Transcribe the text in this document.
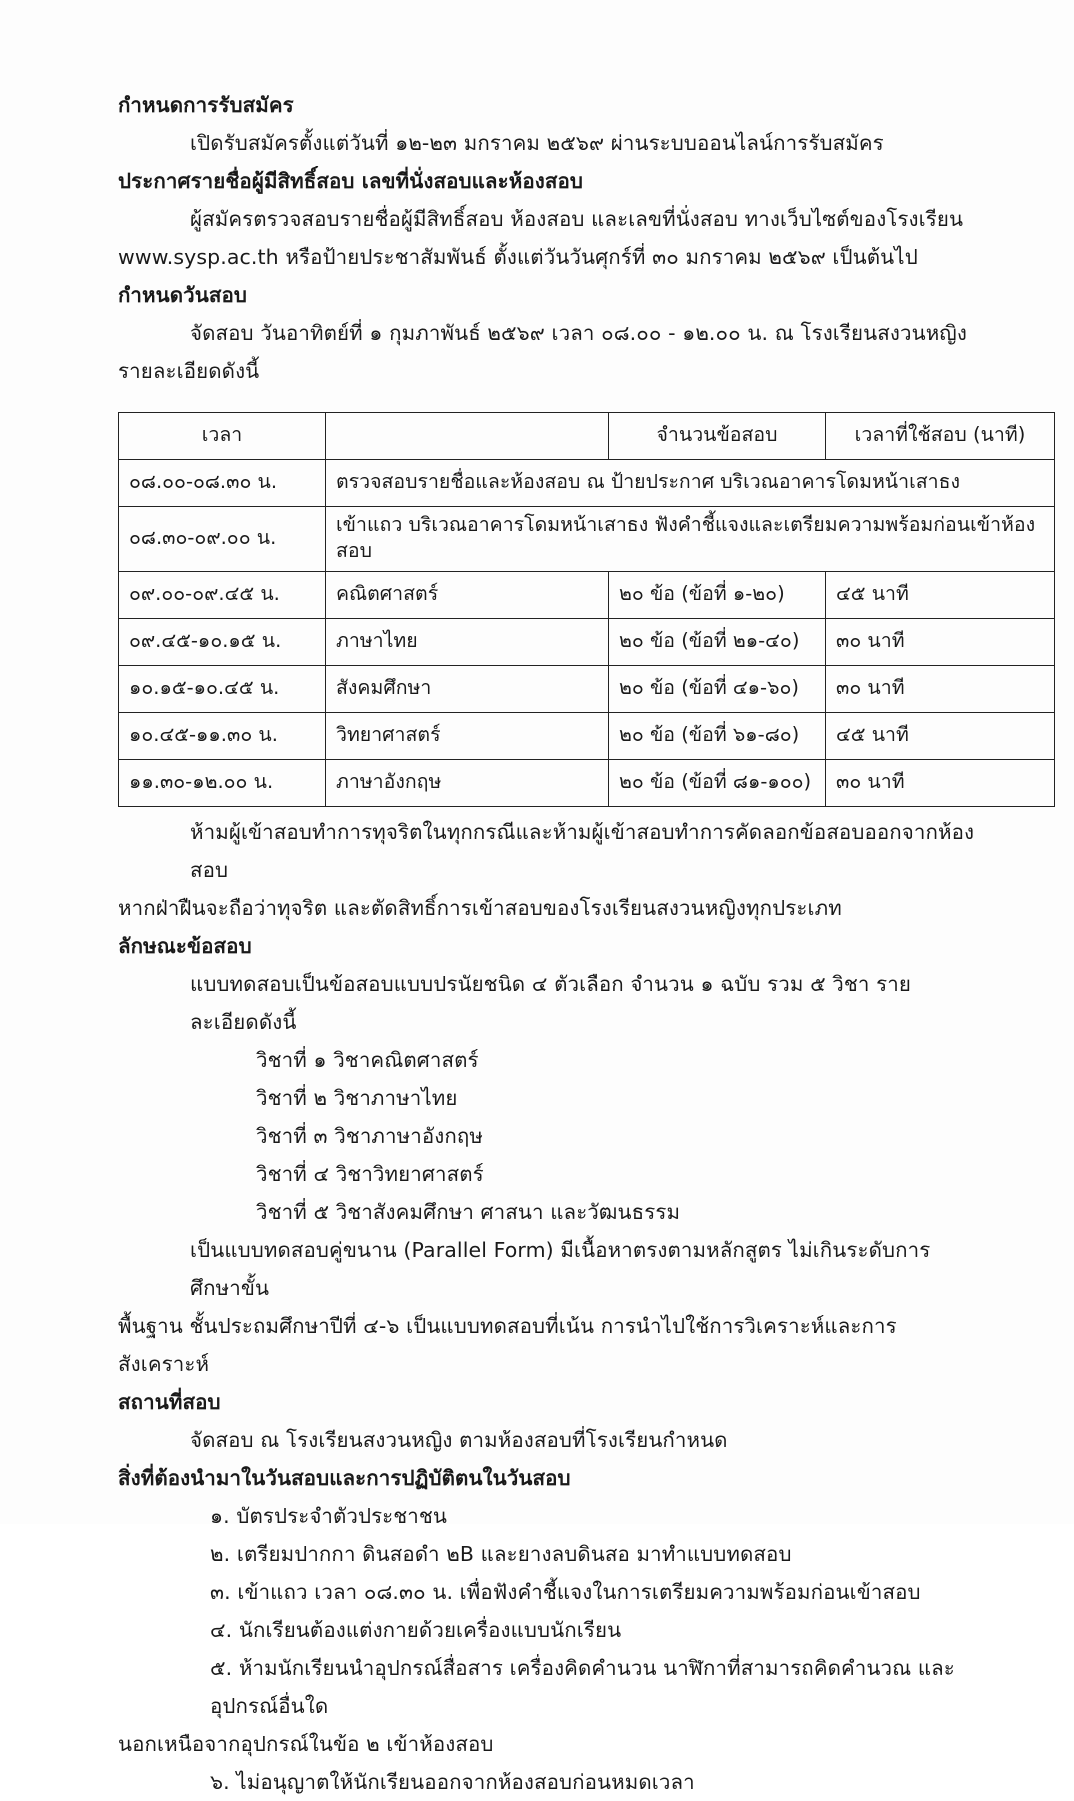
กำหนดการรับสมัคร
เปิดรับสมัครตั้งแต่วันที่ ๑๒-๒๓ มกราคม ๒๕๖๙ ผ่านระบบออนไลน์การรับสมัคร
ประกาศรายชื่อผู้มีสิทธิ์สอบ เลขที่นั่งสอบและห้องสอบ
ผู้สมัครตรวจสอบรายชื่อผู้มีสิทธิ์สอบ ห้องสอบ และเลขที่นั่งสอบ ทางเว็บไซต์ของโรงเรียน
www.sysp.ac.th หรือป้ายประชาสัมพันธ์ ตั้งแต่วันวันศุกร์ที่ ๓๐ มกราคม ๒๕๖๙ เป็นต้นไป
กำหนดวันสอบ
จัดสอบ วันอาทิตย์ที่ ๑ กุมภาพันธ์ ๒๕๖๙ เวลา ๐๘.๐๐ - ๑๒.๐๐ น. ณ โรงเรียนสงวนหญิง
รายละเอียดดังนี้
เวลา		จำนวนข้อสอบ	เวลาที่ใช้สอบ (นาที)
๐๘.๐๐-๐๘.๓๐ น.	ตรวจสอบรายชื่อและห้องสอบ ณ ป้ายประกาศ บริเวณอาคารโดมหน้าเสาธง		
๐๘.๓๐-๐๙.๐๐ น.	เข้าแถว บริเวณอาคารโดมหน้าเสาธง ฟังคำชี้แจงและเตรียมความพร้อมก่อนเข้าห้องสอบ		
๐๙.๐๐-๐๙.๔๕ น.	คณิตศาสตร์	๒๐ ข้อ (ข้อที่ ๑-๒๐)	๔๕ นาที
๐๙.๔๕-๑๐.๑๕ น.	ภาษาไทย	๒๐ ข้อ (ข้อที่ ๒๑-๔๐)	๓๐ นาที
๑๐.๑๕-๑๐.๔๕ น.	สังคมศึกษา	๒๐ ข้อ (ข้อที่ ๔๑-๖๐)	๓๐ นาที
๑๐.๔๕-๑๑.๓๐ น.	วิทยาศาสตร์	๒๐ ข้อ (ข้อที่ ๖๑-๘๐)	๔๕ นาที
๑๑.๓๐-๑๒.๐๐ น.	ภาษาอังกฤษ	๒๐ ข้อ (ข้อที่ ๘๑-๑๐๐)	๓๐ นาที
ห้ามผู้เข้าสอบทำการทุจริตในทุกกรณีและห้ามผู้เข้าสอบทำการคัดลอกข้อสอบออกจากห้องสอบ
หากฝ่าฝืนจะถือว่าทุจริต และตัดสิทธิ์การเข้าสอบของโรงเรียนสงวนหญิงทุกประเภท
ลักษณะข้อสอบ
แบบทดสอบเป็นข้อสอบแบบปรนัยชนิด ๔ ตัวเลือก จำนวน ๑ ฉบับ รวม ๕ วิชา รายละเอียดดังนี้
วิชาที่ ๑ วิชาคณิตศาสตร์
วิชาที่ ๒ วิชาภาษาไทย
วิชาที่ ๓ วิชาภาษาอังกฤษ
วิชาที่ ๔ วิชาวิทยาศาสตร์
วิชาที่ ๕ วิชาสังคมศึกษา ศาสนา และวัฒนธรรม
เป็นแบบทดสอบคู่ขนาน (Parallel Form) มีเนื้อหาตรงตามหลักสูตร ไม่เกินระดับการศึกษาขั้น
พื้นฐาน ชั้นประถมศึกษาปีที่ ๔-๖ เป็นแบบทดสอบที่เน้น การนำไปใช้การวิเคราะห์และการสังเคราะห์
สถานที่สอบ
จัดสอบ ณ โรงเรียนสงวนหญิง ตามห้องสอบที่โรงเรียนกำหนด
สิ่งที่ต้องนำมาในวันสอบและการปฏิบัติตนในวันสอบ
๑. บัตรประจำตัวประชาชน
๒. เตรียมปากกา ดินสอดำ ๒B และยางลบดินสอ มาทำแบบทดสอบ
๓. เข้าแถว เวลา ๐๘.๓๐ น. เพื่อฟังคำชี้แจงในการเตรียมความพร้อมก่อนเข้าสอบ
๔. นักเรียนต้องแต่งกายด้วยเครื่องแบบนักเรียน
๕. ห้ามนักเรียนนำอุปกรณ์สื่อสาร เครื่องคิดคำนวน นาฬิกาที่สามารถคิดคำนวณ และอุปกรณ์อื่นใด
นอกเหนือจากอุปกรณ์ในข้อ ๒ เข้าห้องสอบ
๖. ไม่อนุญาตให้นักเรียนออกจากห้องสอบก่อนหมดเวลา
